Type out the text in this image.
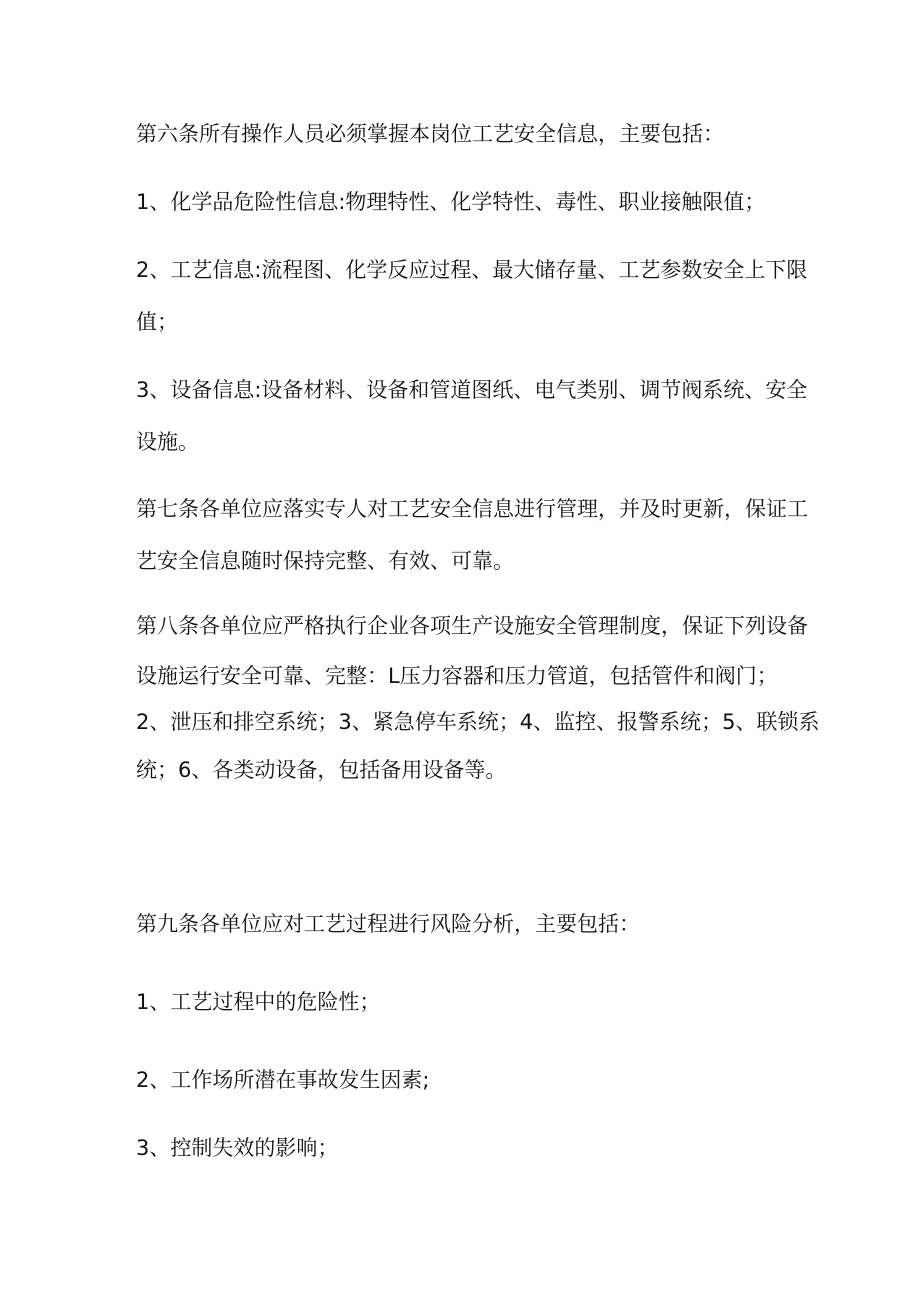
第六条所有操作人员必须掌握本岗位工艺安全信息，主要包括：

1、化学品危险性信息:物理特性、化学特性、毒性、职业接触限值；

2、工艺信息:流程图、化学反应过程、最大储存量、工艺参数安全上下限

值；

3、设备信息:设备材料、设备和管道图纸、电气类别、调节阀系统、安全

设施。

第七条各单位应落实专人对工艺安全信息进行管理，并及时更新，保证工

艺安全信息随时保持完整、有效、可靠。

第八条各单位应严格执行企业各项生产设施安全管理制度，保证下列设备

设施运行安全可靠、完整：L压力容器和压力管道，包括管件和阀门；

2、泄压和排空系统；3、紧急停车系统；4、监控、报警系统；5、联锁系

统；6、各类动设备，包括备用设备等。

第九条各单位应对工艺过程进行风险分析，主要包括：

1、工艺过程中的危险性；

2、工作场所潜在事故发生因素;

3、控制失效的影响；
